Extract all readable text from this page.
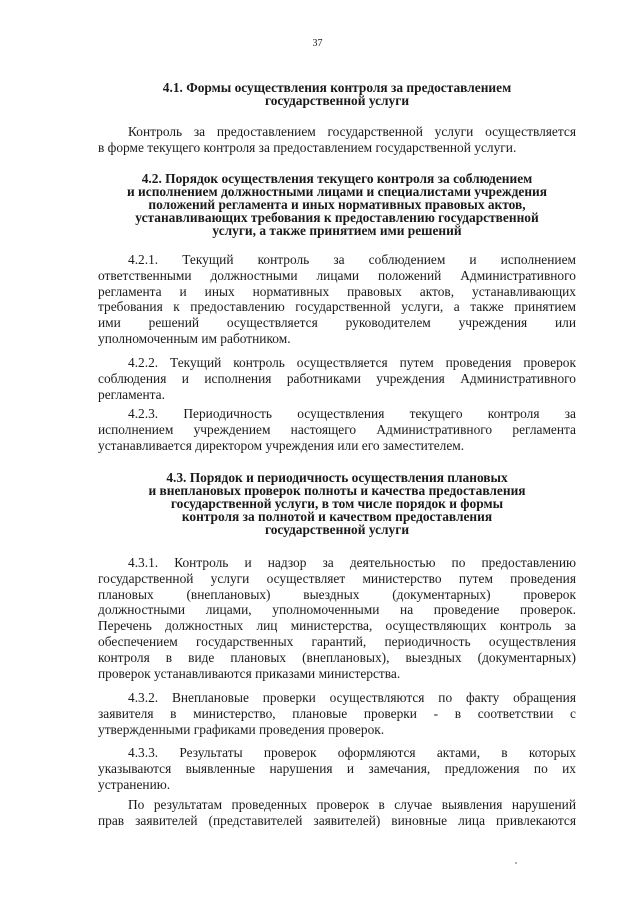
37
4.1. Формы осуществления контроля за предоставлением
государственной услуги
Контроль за предоставлением государственной услуги осуществляется
в форме текущего контроля за предоставлением государственной услуги.
4.2. Порядок осуществления текущего контроля за соблюдением
и исполнением должностными лицами и специалистами учреждения
положений регламента и иных нормативных правовых актов,
устанавливающих требования к предоставлению государственной
услуги, а также принятием ими решений
4.2.1. Текущий контроль за соблюдением и исполнением
ответственными должностными лицами положений Административного
регламента и иных нормативных правовых актов, устанавливающих
требования к предоставлению государственной услуги, а также принятием
ими решений осуществляется руководителем учреждения или
уполномоченным им работником.
4.2.2. Текущий контроль осуществляется путем проведения проверок
соблюдения и исполнения работниками учреждения Административного
регламента.
4.2.3. Периодичность осуществления текущего контроля за
исполнением учреждением настоящего Административного регламента
устанавливается директором учреждения или его заместителем.
4.3. Порядок и периодичность осуществления плановых
и внеплановых проверок полноты и качества предоставления
государственной услуги, в том числе порядок и формы
контроля за полнотой и качеством предоставления
государственной услуги
4.3.1. Контроль и надзор за деятельностью по предоставлению
государственной услуги осуществляет министерство путем проведения
плановых (внеплановых) выездных (документарных) проверок
должностными лицами, уполномоченными на проведение проверок.
Перечень должностных лиц министерства, осуществляющих контроль за
обеспечением государственных гарантий, периодичность осуществления
контроля в виде плановых (внеплановых), выездных (документарных)
проверок устанавливаются приказами министерства.
4.3.2. Внеплановые проверки осуществляются по факту обращения
заявителя в министерство, плановые проверки - в соответствии с
утвержденными графиками проведения проверок.
4.3.3. Результаты проверок оформляются актами, в которых
указываются выявленные нарушения и замечания, предложения по их
устранению.
По результатам проведенных проверок в случае выявления нарушений
прав заявителей (представителей заявителей) виновные лица привлекаются
